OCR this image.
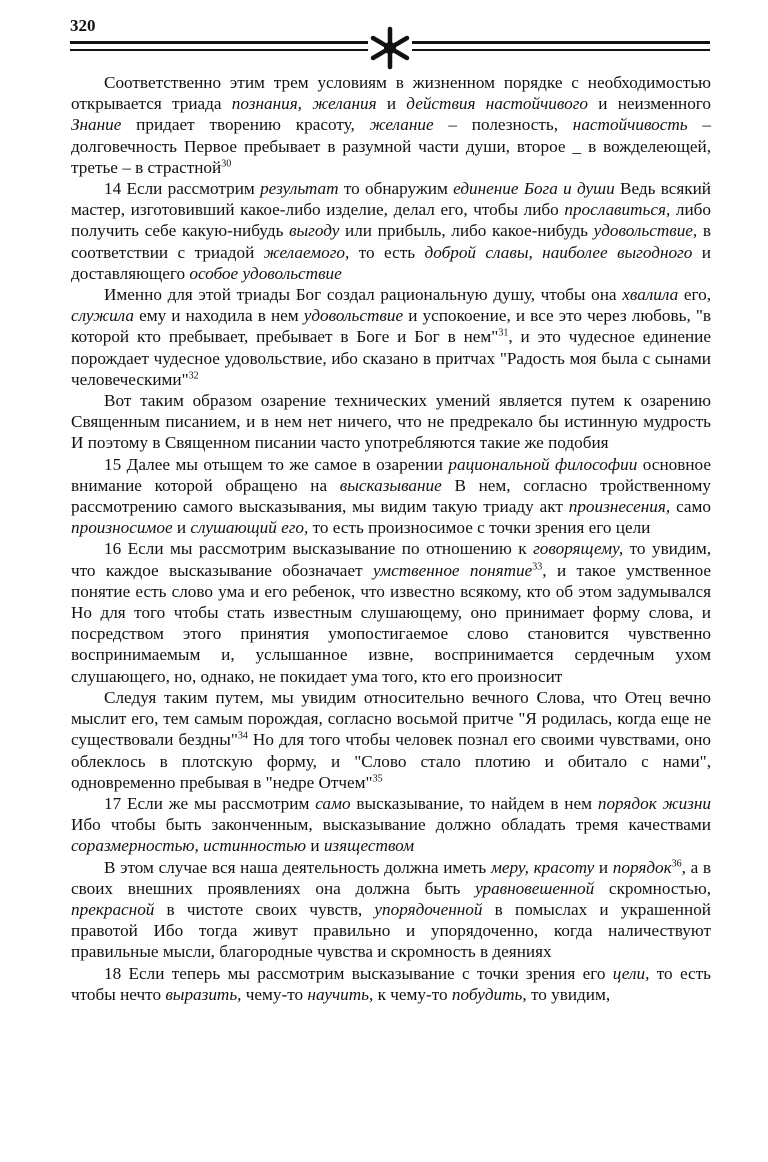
320

Соответственно этим трем условиям в жизненном порядке с необходимостью открывается триада познания, желания и действия настойчивого и неизменного Знание придает творению красоту, желание – полезность, настойчивость – долговечность Первое пребывает в разумной части души, второе _ в вожделеющей, третье – в страстной$^{30}$

14 Если рассмотрим результат то обнаружим единение Бога и души Ведь всякий мастер, изготовивший какое-либо изделие, делал его, чтобы либо прославиться, либо получить себе какую-нибудь выгоду или прибыль, либо какое-нибудь удовольствие, в соответствии с триадой желаемого, то есть доброй славы, наиболее выгодного и доставляющего особое удовольствие

Именно для этой триады Бог создал рациональную душу, чтобы она хвалила его, служила ему и находила в нем удовольствие и успокоение, и все это через любовь, "в которой кто пребывает, пребывает в Боге и Бог в нем"$^{31}$, и это чудесное единение порождает чудесное удовольствие, ибо сказано в притчах "Радость моя была с сынами человеческими"$^{32}$

Вот таким образом озарение технических умений является путем к озарению Священным писанием, и в нем нет ничего, что не предрекало бы истинную мудрость И поэтому в Священном писании часто употребляются такие же подобия

15 Далее мы отыщем то же самое в озарении рациональной философии основное внимание которой обращено на высказывание В нем, согласно тройственному рассмотрению самого высказывания, мы видим такую триаду акт произнесения, само произносимое и слушающий его, то есть произносимое с точки зрения его цели

16 Если мы рассмотрим высказывание по отношению к говорящему, то увидим, что каждое высказывание обозначает умственное понятие$^{33}$, и такое умственное понятие есть слово ума и его ребенок, что известно всякому, кто об этом задумывался Но для того чтобы стать известным слушающему, оно принимает форму слова, и посредством этого принятия умопостигаемое слово становится чувственно воспринимаемым и, услышанное извне, воспринимается сердечным ухом слушающего, но, однако, не покидает ума того, кто его произносит

Следуя таким путем, мы увидим относительно вечного Слова, что Отец вечно мыслит его, тем самым порождая, согласно восьмой притче "Я родилась, когда еще не существовали бездны"$^{34}$ Но для того чтобы человек познал его своими чувствами, оно облеклось в плотскую форму, и "Слово стало плотию и обитало с нами", одновременно пребывая в "недре Отчем"$^{35}$

17 Если же мы рассмотрим само высказывание, то найдем в нем порядок жизни Ибо чтобы быть законченным, высказывание должно обладать тремя качествами соразмерностью, истинностью и изяществом

В этом случае вся наша деятельность должна иметь меру, красоту и порядок$^{36}$, а в своих внешних проявлениях она должна быть уравновешенной скромностью, прекрасной в чистоте своих чувств, упорядоченной в помыслах и украшенной правотой Ибо тогда живут правильно и упорядоченно, когда наличествуют правильные мысли, благородные чувства и скромность в деяниях

18 Если теперь мы рассмотрим высказывание с точки зрения его цели, то есть чтобы нечто выразить, чему-то научить, к чему-то побудить, то увидим,
